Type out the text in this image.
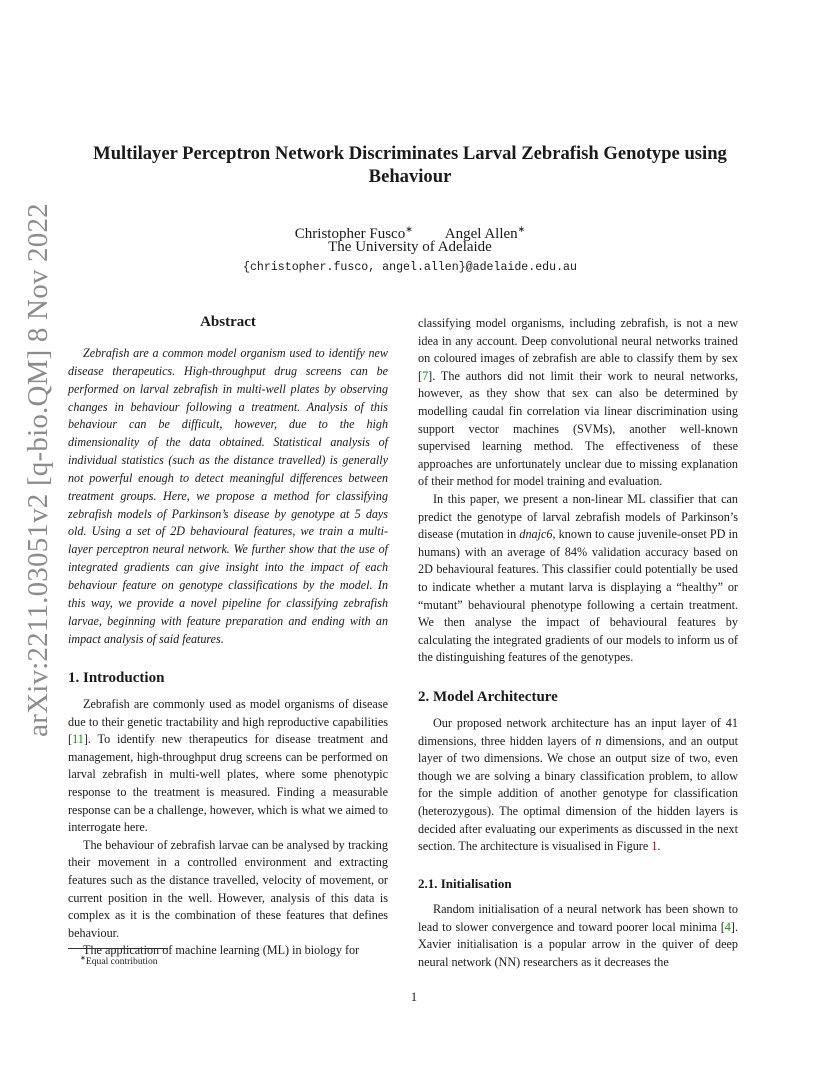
arXiv:2211.03051v2 [q-bio.QM] 8 Nov 2022
Multilayer Perceptron Network Discriminates Larval Zebrafish Genotype using Behaviour
Christopher Fusco∗ Angel Allen∗
The University of Adelaide
{christopher.fusco, angel.allen}@adelaide.edu.au
Abstract

Zebrafish are a common model organism used to identify new disease therapeutics. High-throughput drug screens can be performed on larval zebrafish in multi-well plates by observing changes in behaviour following a treatment. Analysis of this behaviour can be difficult, however, due to the high dimensionality of the data obtained. Statistical analysis of individual statistics (such as the distance travelled) is generally not powerful enough to detect meaningful differences between treatment groups. Here, we propose a method for classifying zebrafish models of Parkinson’s disease by genotype at 5 days old. Using a set of 2D behavioural features, we train a multi-layer perceptron neural network. We further show that the use of integrated gradients can give insight into the impact of each behaviour feature on genotype classifications by the model. In this way, we provide a novel pipeline for classifying zebrafish larvae, beginning with feature preparation and ending with an impact analysis of said features.

1. Introduction

Zebrafish are commonly used as model organisms of disease due to their genetic tractability and high reproductive capabilities [11]. To identify new therapeutics for disease treatment and management, high-throughput drug screens can be performed on larval zebrafish in multi-well plates, where some phenotypic response to the treatment is measured. Finding a measurable response can be a challenge, however, which is what we aimed to interrogate here.

The behaviour of zebrafish larvae can be analysed by tracking their movement in a controlled environment and extracting features such as the distance travelled, velocity of movement, or current position in the well. However, analysis of this data is complex as it is the combination of these features that defines behaviour.

The application of machine learning (ML) in biology for

∗Equal contribution

classifying model organisms, including zebrafish, is not a new idea in any account. Deep convolutional neural networks trained on coloured images of zebrafish are able to classify them by sex [7]. The authors did not limit their work to neural networks, however, as they show that sex can also be determined by modelling caudal fin correlation via linear discrimination using support vector machines (SVMs), another well-known supervised learning method. The effectiveness of these approaches are unfortunately unclear due to missing explanation of their method for model training and evaluation.

In this paper, we present a non-linear ML classifier that can predict the genotype of larval zebrafish models of Parkinson’s disease (mutation in dnajc6, known to cause juvenile-onset PD in humans) with an average of 84% validation accuracy based on 2D behavioural features. This classifier could potentially be used to indicate whether a mutant larva is displaying a “healthy” or “mutant” behavioural phenotype following a certain treatment. We then analyse the impact of behavioural features by calculating the integrated gradients of our models to inform us of the distinguishing features of the genotypes.

2. Model Architecture

Our proposed network architecture has an input layer of 41 dimensions, three hidden layers of n dimensions, and an output layer of two dimensions. We chose an output size of two, even though we are solving a binary classification problem, to allow for the simple addition of another genotype for classification (heterozygous). The optimal dimension of the hidden layers is decided after evaluating our experiments as discussed in the next section. The architecture is visualised in Figure 1.

2.1. Initialisation

Random initialisation of a neural network has been shown to lead to slower convergence and toward poorer local minima [4]. Xavier initialisation is a popular arrow in the quiver of deep neural network (NN) researchers as it decreases the

1
